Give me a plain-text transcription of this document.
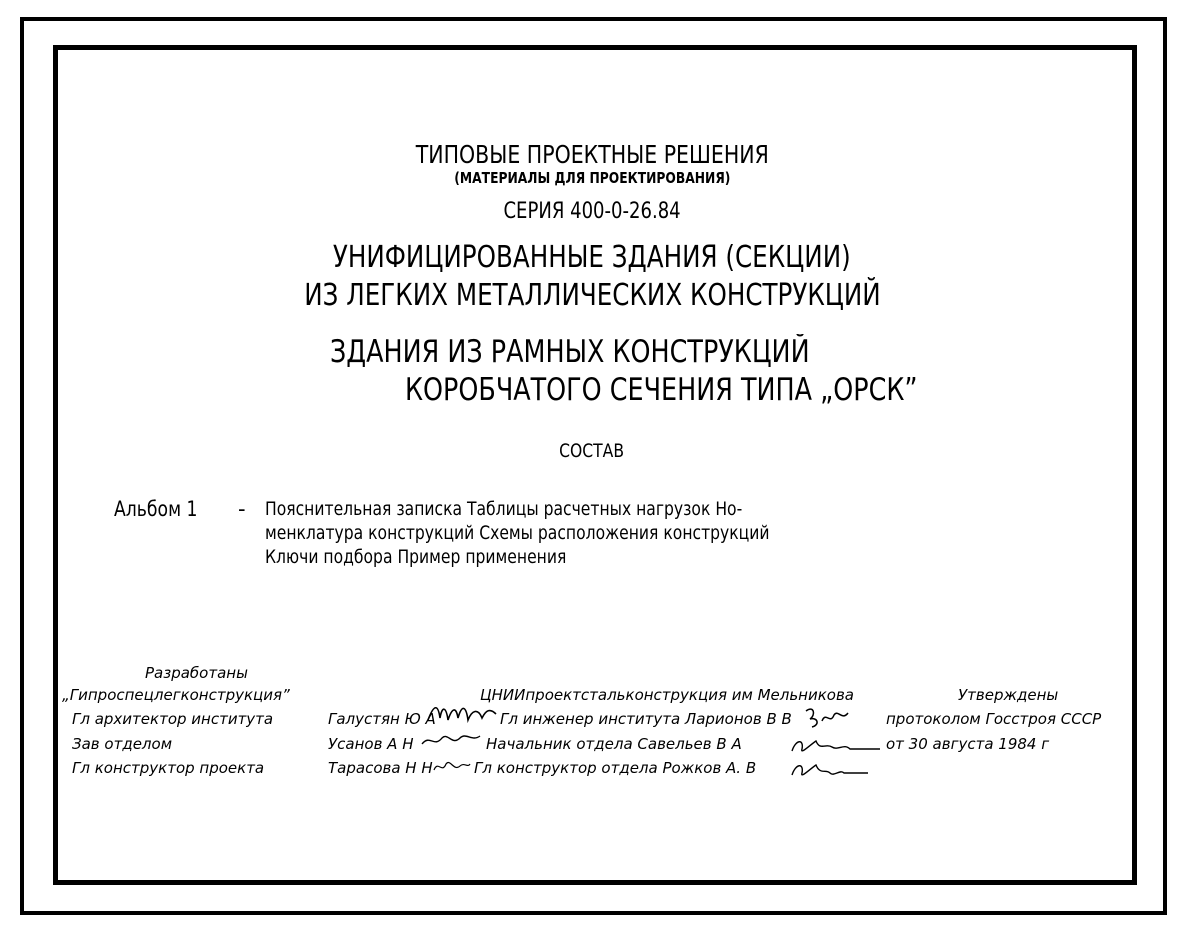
ТИПОВЫЕ ПРОЕКТНЫЕ РЕШЕНИЯ
(МАТЕРИАЛЫ ДЛЯ ПРОЕКТИРОВАНИЯ)
СЕРИЯ 400-0-26.84
УНИФИЦИРОВАННЫЕ ЗДАНИЯ (СЕКЦИИ)
ИЗ ЛЕГКИХ МЕТАЛЛИЧЕСКИХ КОНСТРУКЦИЙ
ЗДАНИЯ ИЗ РАМНЫХ КОНСТРУКЦИЙ
КОРОБЧАТОГО СЕЧЕНИЯ ТИПА „ОРСК”
СОСТАВ
Альбом 1	- Пояснительная записка Таблицы расчетных нагрузок Но-
менклатура конструкций Схемы расположения конструкций
Ключи подбора Пример применения
Разработаны
„Гипроспецлегконструкция”
Гл архитектор института
Зав отделом
Гл конструктор проекта
Галустян Ю А
Усанов А Н
Тарасова Н Н
ЦНИИпроектстальконструкция им Мельникова
Гл инженер института Ларионов В В
Начальник отдела Савельев В А
Гл конструктор отдела Рожков А. В
Утверждены
протоколом Госстроя СССР
от 30 августа 1984 г
